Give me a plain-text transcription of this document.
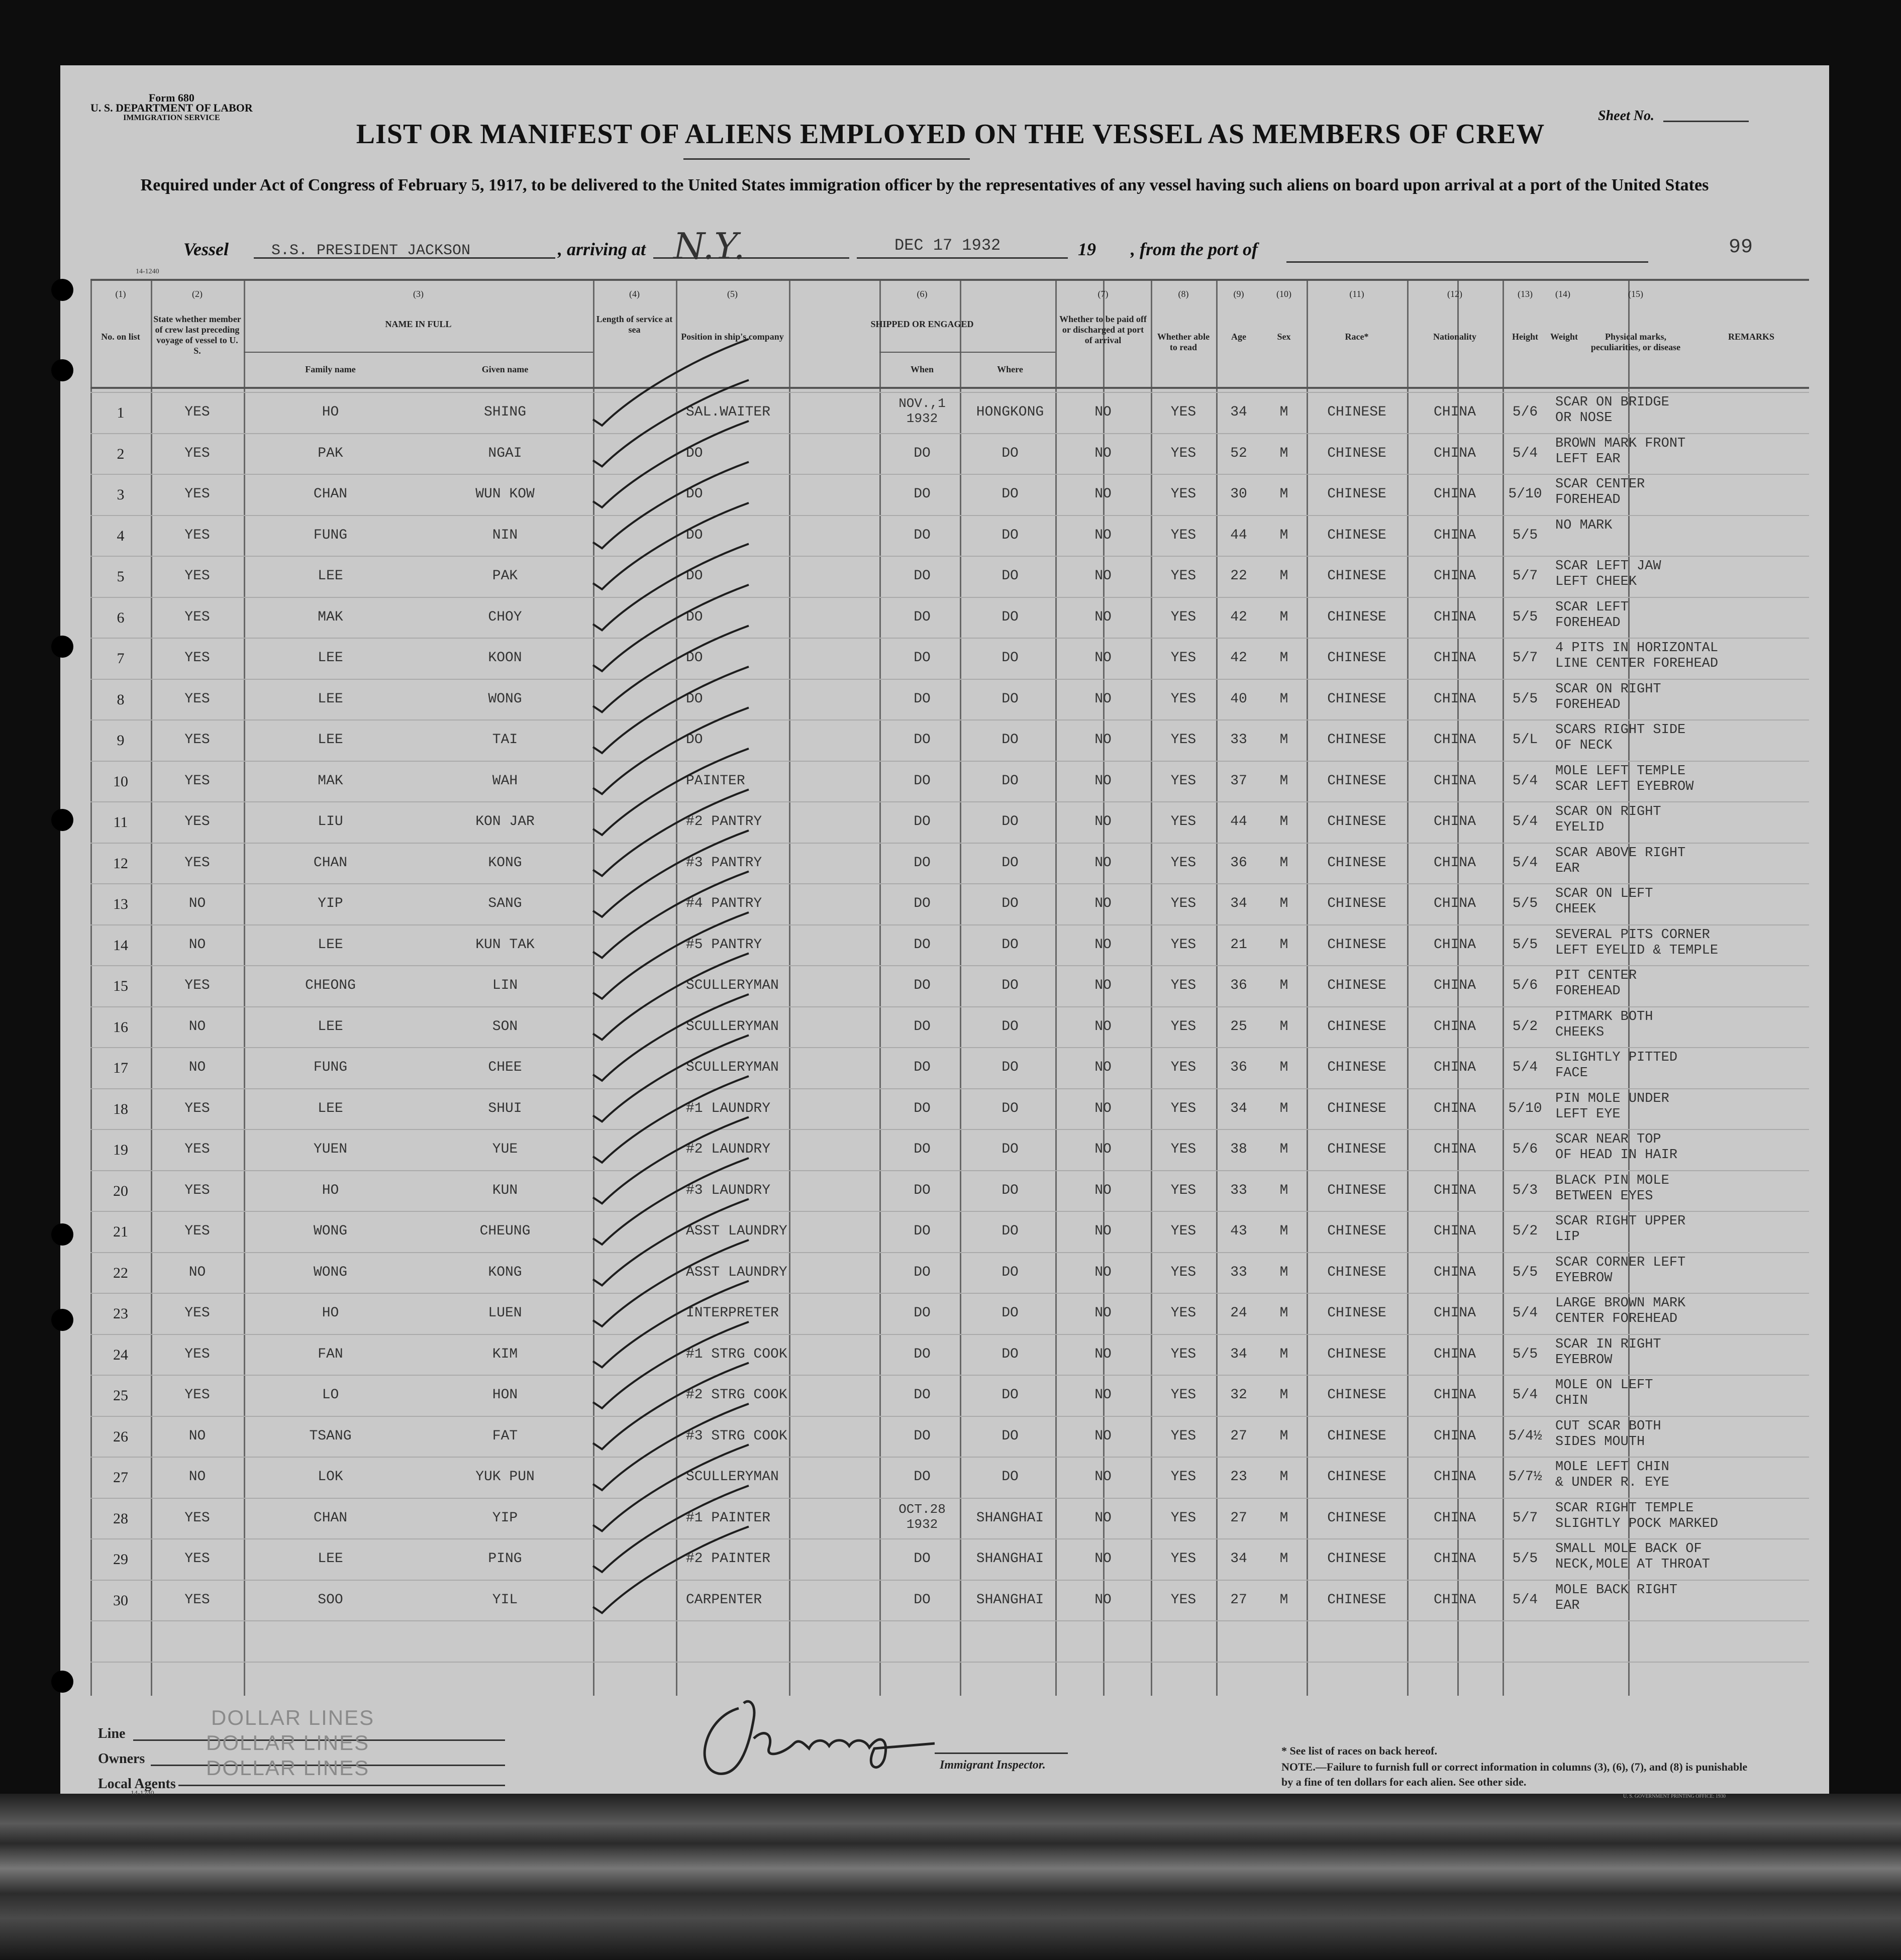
Form 680
U. S. DEPARTMENT OF LABOR
IMMIGRATION SERVICE	Sheet No.
LIST OR MANIFEST OF ALIENS EMPLOYED ON THE VESSEL AS MEMBERS OF CREW
Required under Act of Congress of February 5, 1917, to be delivered to the United States immigration officer by the representatives of any vessel having such aliens on board upon arrival at a port of the United States
Vessel	S.S. PRESIDENT JACKSON	, arriving at N.Y.	DEC 17 1932	19 , from the port of	99
14-1240
(1)
No. on list
(2)
State whether member of crew last preceding voyage of vessel to U. S.
(3)
NAME IN FULL
(4)
Length of service at sea
(5)
Position in ship's company
(6)
SHIPPED OR ENGAGED
(7)
Whether to be paid off or discharged at port of arrival
(8)
Whether able to read
(9)
Age
(10)
Sex
(11)
Race*
(12)
Nationality
(13)
Height
(14)
Weight
(15)
Physical marks, peculiarities, or disease
REMARKS
Family name	Given name	When	Where
1	YES	HO	SHING	SAL.WAITER
NOV.,1
1932	HONGKONG	NO	YES	34	M	CHINESE	CHINA	5/6
SCAR ON BRIDGE
OR NOSE
2	YES	PAK	NGAI	DO	DO	DO	NO	YES	52	M	CHINESE	CHINA	5/4
BROWN MARK FRONT
LEFT EAR
3	YES	CHAN	WUN KOW	DO	DO	DO	NO	YES	30	M	CHINESE	CHINA	5/10
SCAR CENTER
FOREHEAD
4	YES	FUNG	NIN	DO	DO	DO	NO	YES	44	M	CHINESE	CHINA	5/5
NO MARK
5	YES	LEE	PAK	DO	DO	DO	NO	YES	22	M	CHINESE	CHINA	5/7
SCAR LEFT JAW
LEFT CHEEK
6	YES	MAK	CHOY	DO	DO	DO	NO	YES	42	M	CHINESE	CHINA	5/5
SCAR LEFT
FOREHEAD
7	YES	LEE	KOON	DO	DO	DO	NO	YES	42	M	CHINESE	CHINA	5/7
4 PITS IN HORIZONTAL
LINE CENTER FOREHEAD
8	YES	LEE	WONG	DO	DO	DO	NO	YES	40	M	CHINESE	CHINA	5/5
SCAR ON RIGHT
FOREHEAD
9	YES	LEE	TAI	DO	DO	DO	NO	YES	33	M	CHINESE	CHINA	5/L
SCARS RIGHT SIDE
OF NECK
10	YES	MAK	WAH	PAINTER	DO	DO	NO	YES	37	M	CHINESE	CHINA	5/4
MOLE LEFT TEMPLE
SCAR LEFT EYEBROW
11	YES	LIU	KON JAR	#2 PANTRY	DO	DO	NO	YES	44	M	CHINESE	CHINA	5/4
SCAR ON RIGHT
EYELID
12	YES	CHAN	KONG	#3 PANTRY	DO	DO	NO	YES	36	M	CHINESE	CHINA	5/4
SCAR ABOVE RIGHT
EAR
13	NO	YIP	SANG	#4 PANTRY	DO	DO	NO	YES	34	M	CHINESE	CHINA	5/5
SCAR ON LEFT
CHEEK
14	NO	LEE	KUN TAK	#5 PANTRY	DO	DO	NO	YES	21	M	CHINESE	CHINA	5/5
SEVERAL PITS CORNER
LEFT EYELID & TEMPLE
15	YES	CHEONG	LIN	SCULLERYMAN	DO	DO	NO	YES	36	M	CHINESE	CHINA	5/6
PIT CENTER
FOREHEAD
16	NO	LEE	SON	SCULLERYMAN	DO	DO	NO	YES	25	M	CHINESE	CHINA	5/2
PITMARK BOTH
CHEEKS
17	NO	FUNG	CHEE	SCULLERYMAN	DO	DO	NO	YES	36	M	CHINESE	CHINA	5/4
SLIGHTLY PITTED
FACE
18	YES	LEE	SHUI	#1 LAUNDRY	DO	DO	NO	YES	34	M	CHINESE	CHINA	5/10
PIN MOLE UNDER
LEFT EYE
19	YES	YUEN	YUE	#2 LAUNDRY	DO	DO	NO	YES	38	M	CHINESE	CHINA	5/6
SCAR NEAR TOP
OF HEAD IN HAIR
20	YES	HO	KUN	#3 LAUNDRY	DO	DO	NO	YES	33	M	CHINESE	CHINA	5/3
BLACK PIN MOLE
BETWEEN EYES
21	YES	WONG	CHEUNG	ASST LAUNDRY	DO	DO	NO	YES	43	M	CHINESE	CHINA	5/2
SCAR RIGHT UPPER
LIP
22	NO	WONG	KONG	ASST LAUNDRY	DO	DO	NO	YES	33	M	CHINESE	CHINA	5/5
SCAR CORNER LEFT
EYEBROW
23	YES	HO	LUEN	INTERPRETER	DO	DO	NO	YES	24	M	CHINESE	CHINA	5/4
LARGE BROWN MARK
CENTER FOREHEAD
24	YES	FAN	KIM	#1 STRG COOK	DO	DO	NO	YES	34	M	CHINESE	CHINA	5/5
SCAR IN RIGHT
EYEBROW
25	YES	LO	HON	#2 STRG COOK	DO	DO	NO	YES	32	M	CHINESE	CHINA	5/4
MOLE ON LEFT
CHIN
26	NO	TSANG	FAT	#3 STRG COOK	DO	DO	NO	YES	27	M	CHINESE	CHINA	5/4½
CUT SCAR BOTH
SIDES MOUTH
27	NO	LOK	YUK PUN	SCULLERYMAN	DO	DO	NO	YES	23	M	CHINESE	CHINA	5/7½
MOLE LEFT CHIN
& UNDER R. EYE
28	YES	CHAN	YIP	#1 PAINTER
OCT.28
1932	SHANGHAI	NO	YES	27	M	CHINESE	CHINA	5/7
SCAR RIGHT TEMPLE
SLIGHTLY POCK MARKED
29	YES	LEE	PING	#2 PAINTER	DO	SHANGHAI	NO	YES	34	M	CHINESE	CHINA	5/5
SMALL MOLE BACK OF
NECK,MOLE AT THROAT
30	YES	SOO	YIL	CARPENTER	DO	SHANGHAI	NO	YES	27	M	CHINESE	CHINA	5/4
MOLE BACK RIGHT
EAR
Line
DOLLAR LINES
Owners
DOLLAR LINES
Local Agents
14-1240
DOLLAR LINES	Immigrant Inspector.
* See list of races on back hereof.
NOTE.—Failure to furnish full or correct information in columns (3), (6), (7), and (8) is punishable by a fine of ten dollars for each alien. See other side.
U. S. GOVERNMENT PRINTING OFFICE: 1930
